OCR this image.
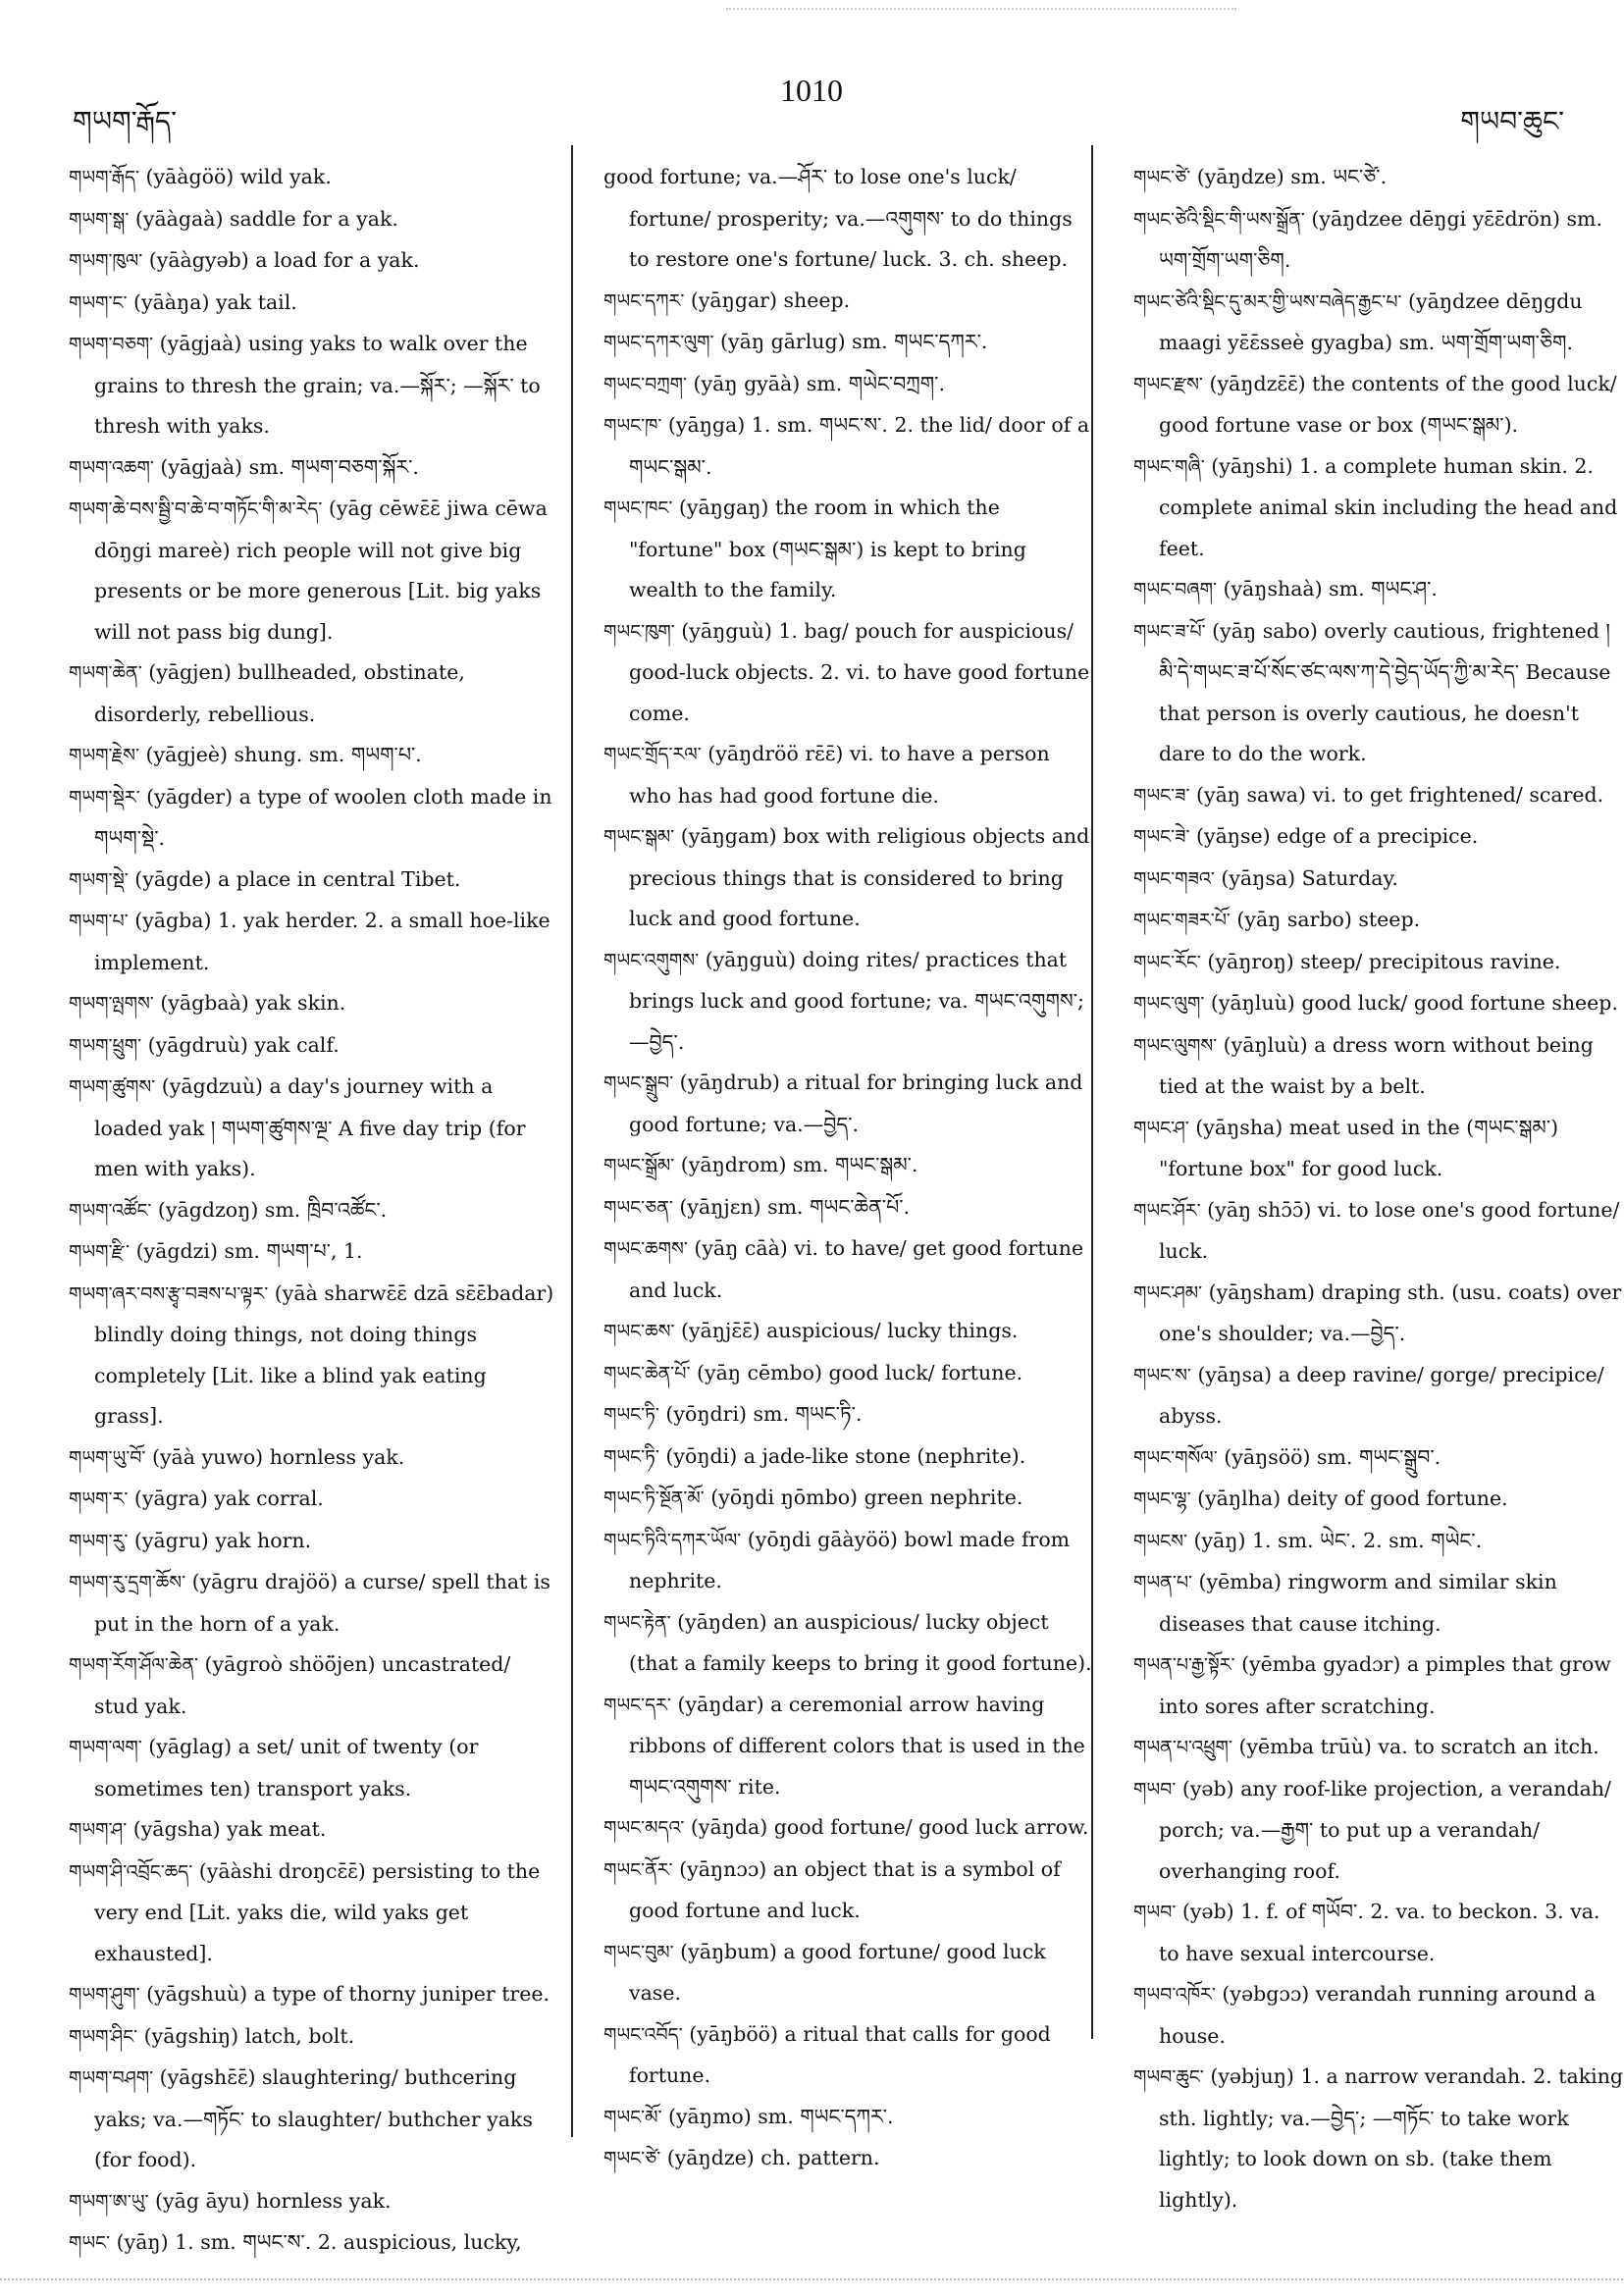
གཡག་རྒོད་
1010
གཡབ་ཆུང་
གཡག་རྒོད་ (yāàgöö) wild yak.
གཡག་སྒ་ (yāàgaà) saddle for a yak.
གཡག་ཁུལ་ (yāàgyəb) a load for a yak.
གཡག་ང་ (yāàŋa) yak tail.
གཡག་བཅག་ (yāgjaà) using yaks to walk over the grains to thresh the grain; va.—སྐོར་; —སྐོར་ to thresh with yaks.
གཡག་འཆག་ (yāgjaà) sm. གཡག་བཅག་སྐོར་.
གཡག་ཆེ་བས་སྦྱི་བ་ཆེ་བ་གཏོང་གི་མ་རེད་ (yāg cēwɛ̄ɛ̄ jiwa cēwa dōŋgi mareè) rich people will not give big presents or be more generous [Lit. big yaks will not pass big dung].
གཡག་ཆེན་ (yāgjen) bullheaded, obstinate, disorderly, rebellious.
གཡག་རྗེས་ (yāgjeè) shung. sm. གཡག་པ་.
གཡག་སྡེར་ (yāgder) a type of woolen cloth made in གཡག་སྡེ་.
གཡག་སྡེ་ (yāgde) a place in central Tibet.
གཡག་པ་ (yāgba) 1. yak herder. 2. a small hoe-like implement.
གཡག་ལྤགས་ (yāgbaà) yak skin.
གཡག་ཕྲུག་ (yāgdruù) yak calf.
གཡག་ཚུགས་ (yāgdzuù) a day's journey with a loaded yak ། གཡག་ཚུགས་ལྔ་ A five day trip (for men with yaks).
གཡག་འཚོང་ (yāgdzoŋ) sm. ཁྲིབ་འཚོང་.
གཡག་རྫི་ (yāgdzi) sm. གཡག་པ་, 1.
གཡག་ཞར་བས་རྩྭ་བཟས་པ་ལྟར་ (yāà sharwɛ̄ɛ̄ dzā sɛ̄ɛ̄badar) blindly doing things, not doing things completely [Lit. like a blind yak eating grass].
གཡག་ཡུ་བོ་ (yāà yuwo) hornless yak.
གཡག་ར་ (yāgra) yak corral.
གཡག་རུ་ (yāgru) yak horn.
གཡག་རུ་དྲག་ཆོས་ (yāgru drajöö) a curse/ spell that is put in the horn of a yak.
གཡག་རོག་ཤོལ་ཆེན་ (yāgroò shöö̈jen) uncastrated/ stud yak.
གཡག་ལག་ (yāglag) a set/ unit of twenty (or sometimes ten) transport yaks.
གཡག་ཤ་ (yāgsha) yak meat.
གཡག་ཤི་འབྲོང་ཆད་ (yāàshi droŋcɛ̄ɛ̄) persisting to the very end [Lit. yaks die, wild yaks get exhausted].
གཡག་ཤུག་ (yāgshuù) a type of thorny juniper tree.
གཡག་ཤིང་ (yāgshiŋ) latch, bolt.
གཡག་བཤག་ (yāgshɛ̄ɛ̄) slaughtering/ buthcering yaks; va.—གཏོང་ to slaughter/ buthcher yaks (for food).
གཡག་ཨ་ཡུ་ (yāg āyu) hornless yak.
གཡང་ (yāŋ) 1. sm. གཡང་ས་. 2. auspicious, lucky,
good fortune; va.—ཤོར་ to lose one's luck/ fortune/ prosperity; va.—འགུགས་ to do things to restore one's fortune/ luck. 3. ch. sheep.
གཡང་དཀར་ (yāŋgar) sheep.
གཡང་དཀར་ལུག་ (yāŋ gārlug) sm. གཡང་དཀར་.
གཡང་བཀྲག་ (yāŋ gyāà) sm. གཡེང་བཀྲག་.
གཡང་ཁ་ (yāŋga) 1. sm. གཡང་ས་. 2. the lid/ door of a གཡང་སྒམ་.
གཡང་ཁང་ (yāŋgaŋ) the room in which the "fortune" box (གཡང་སྒམ་) is kept to bring wealth to the family.
གཡང་ཁུག་ (yāŋguù) 1. bag/ pouch for auspicious/ good-luck objects. 2. vi. to have good fortune come.
གཡང་གྲོད་རལ་ (yāŋdröö rɛ̄ɛ̄) vi. to have a person who has had good fortune die.
གཡང་སྒམ་ (yāŋgam) box with religious objects and precious things that is considered to bring luck and good fortune.
གཡང་འགུགས་ (yāŋguù) doing rites/ practices that brings luck and good fortune; va. གཡང་འགུགས་; —བྱེད་.
གཡང་སྒྲུབ་ (yāŋdrub) a ritual for bringing luck and good fortune; va.—བྱེད་.
གཡང་སྒྲོམ་ (yāŋdrom) sm. གཡང་སྒམ་.
གཡང་ཅན་ (yāŋjɛn) sm. གཡང་ཆེན་པོ་.
གཡང་ཆགས་ (yāŋ cāà) vi. to have/ get good fortune and luck.
གཡང་ཆས་ (yāŋjɛ̄ɛ̄) auspicious/ lucky things.
གཡང་ཆེན་པོ་ (yāŋ cēmbo) good luck/ fortune.
གཡང་ཏི་ (yōŋdri) sm. གཡང་ཏི་.
གཡང་ཏི་ (yōŋdi) a jade-like stone (nephrite).
གཡང་ཏི་སྔོན་མོ་ (yōŋdi ŋōmbo) green nephrite.
གཡང་ཏིའི་དཀར་ཡོལ་ (yōŋdi gāàyöö) bowl made from nephrite.
གཡང་རྟེན་ (yāŋden) an auspicious/ lucky object (that a family keeps to bring it good fortune).
གཡང་དར་ (yāŋdar) a ceremonial arrow having ribbons of different colors that is used in the གཡང་འགུགས་ rite.
གཡང་མདའ་ (yāŋda) good fortune/ good luck arrow.
གཡང་ནོར་ (yāŋnɔɔ) an object that is a symbol of good fortune and luck.
གཡང་བུམ་ (yāŋbum) a good fortune/ good luck vase.
གཡང་འབོད་ (yāŋböö) a ritual that calls for good fortune.
གཡང་མོ་ (yāŋmo) sm. གཡང་དཀར་.
གཡང་ཙེ་ (yāŋdze) ch. pattern.
གཡང་ཙེ་ (yāŋdze) sm. ཡང་ཙེ་.
གཡང་ཙེའི་སྡིང་གི་ཡས་སྒྲོན་ (yāŋdzee dēŋgi yɛ̄ɛ̄drön) sm. ཡག་གྲོག་ཡག་ཅིག.
གཡང་ཙེའི་སྡིང་དུ་མར་གྱི་ཡས་བཞེད་རྒྱང་པ་ (yāŋdzee dēŋgdu maagi yɛ̄ɛ̄sseè gyagba) sm. ཡག་གྲོག་ཡག་ཅིག.
གཡང་རྫས་ (yāŋdzɛ̄ɛ̄) the contents of the good luck/ good fortune vase or box (གཡང་སྒམ་).
གཡང་གཞི་ (yāŋshi) 1. a complete human skin. 2. complete animal skin including the head and feet.
གཡང་བཞག་ (yāŋshaà) sm. གཡང་ཤ་.
གཡང་ཟ་པོ་ (yāŋ sabo) overly cautious, frightened ། མི་དེ་གཡང་ཟ་པོ་སོང་ཙང་ལས་ཀ་དེ་བྱེད་ཡོད་ཀྱི་མ་རེད་ Because that person is overly cautious, he doesn't dare to do the work.
གཡང་ཟ་ (yāŋ sawa) vi. to get frightened/ scared.
གཡང་ཟེ་ (yāŋse) edge of a precipice.
གཡང་གཟའ་ (yāŋsa) Saturday.
གཡང་གཟར་པོ་ (yāŋ sarbo) steep.
གཡང་རོང་ (yāŋroŋ) steep/ precipitous ravine.
གཡང་ལུག་ (yāŋluù) good luck/ good fortune sheep.
གཡང་ལུགས་ (yāŋluù) a dress worn without being tied at the waist by a belt.
གཡང་ཤ་ (yāŋsha) meat used in the (གཡང་སྒམ་) "fortune box" for good luck.
གཡང་ཤོར་ (yāŋ shɔ̄ɔ̄) vi. to lose one's good fortune/ luck.
གཡང་ཤམ་ (yāŋsham) draping sth. (usu. coats) over one's shoulder; va.—བྱེད་.
གཡང་ས་ (yāŋsa) a deep ravine/ gorge/ precipice/ abyss.
གཡང་གསོལ་ (yāŋsöö) sm. གཡང་སྒྲུབ་.
གཡང་ལྷ་ (yāŋlha) deity of good fortune.
གཡངས་ (yāŋ) 1. sm. ཡེང་. 2. sm. གཡེང་.
གཡན་པ་ (yēmba) ringworm and similar skin diseases that cause itching.
གཡན་པ་རྒྱ་སྟོར་ (yēmba gyadɔr) a pimples that grow into sores after scratching.
གཡན་པ་འཕྲུག་ (yēmba trūù) va. to scratch an itch.
གཡབ་ (yəb) any roof-like projection, a verandah/ porch; va.—རྒྱག་ to put up a verandah/ overhanging roof.
གཡབ་ (yəb) 1. f. of གཡོབ་. 2. va. to beckon. 3. va. to have sexual intercourse.
གཡབ་འཁོར་ (yəbgɔɔ) verandah running around a house.
གཡབ་ཆུང་ (yəbjuŋ) 1. a narrow verandah. 2. taking sth. lightly; va.—བྱེད་; —གཏོང་ to take work lightly; to look down on sb. (take them lightly).
